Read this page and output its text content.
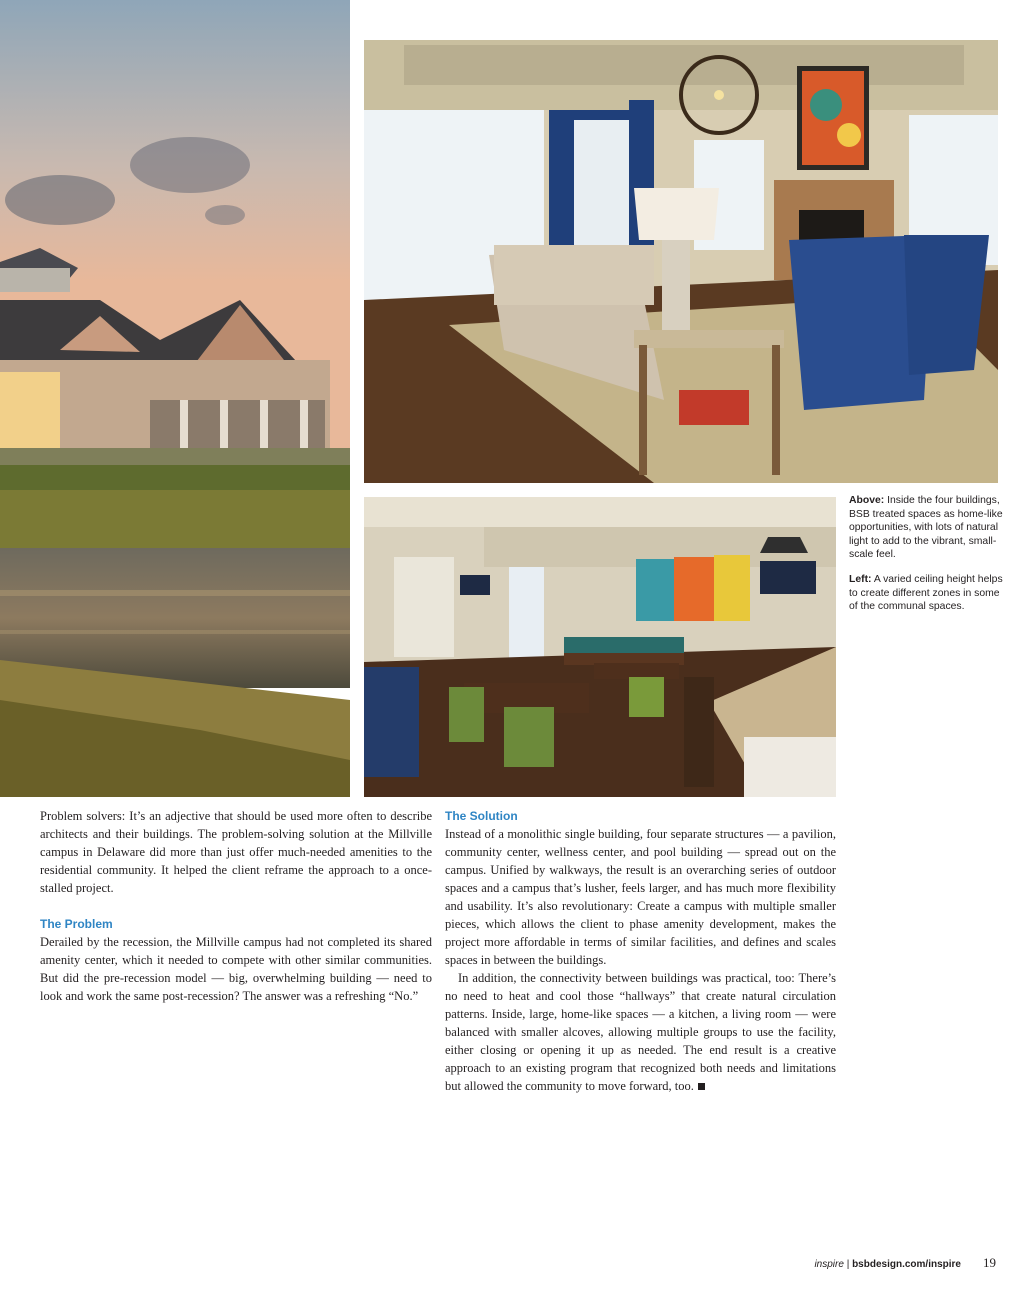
Above: Inside the four buildings, BSB treated spaces as home-like opportunities, with lots of natural light to add to the vibrant, small-scale feel.

Left: A varied ceiling height helps to create different zones in some of the communal spaces.

Problem solvers: It’s an adjective that should be used more often to describe architects and their buildings. The problem-solving solution at the Millville campus in Delaware did more than just offer much-needed amenities to the residential community. It helped the client reframe the approach to a once-stalled project.

The Problem

Derailed by the recession, the Millville campus had not completed its shared amenity center, which it needed to compete with other similar communities. But did the pre-recession model — big, overwhelming building — need to look and work the same post-recession? The answer was a refreshing “No.”

The Solution

Instead of a monolithic single building, four separate structures — a pavilion, community center, wellness center, and pool building — spread out on the campus. Unified by walkways, the result is an overarching series of outdoor spaces and a campus that’s lusher, feels larger, and has much more flexibility and usability. It’s also revolutionary: Create a campus with multiple smaller pieces, which allows the client to phase amenity development, makes the project more affordable in terms of similar facilities, and defines and scales spaces in between the buildings.

In addition, the connectivity between buildings was practical, too: There’s no need to heat and cool those “hallways” that create natural circulation patterns. Inside, large, home-like spaces — a kitchen, a living room — were balanced with smaller alcoves, allowing multiple groups to use the facility, either closing or opening it up as needed. The end result is a creative approach to an existing program that recognized both needs and limitations but allowed the community to move forward, too.

inspire | bsbdesign.com/inspire 19
